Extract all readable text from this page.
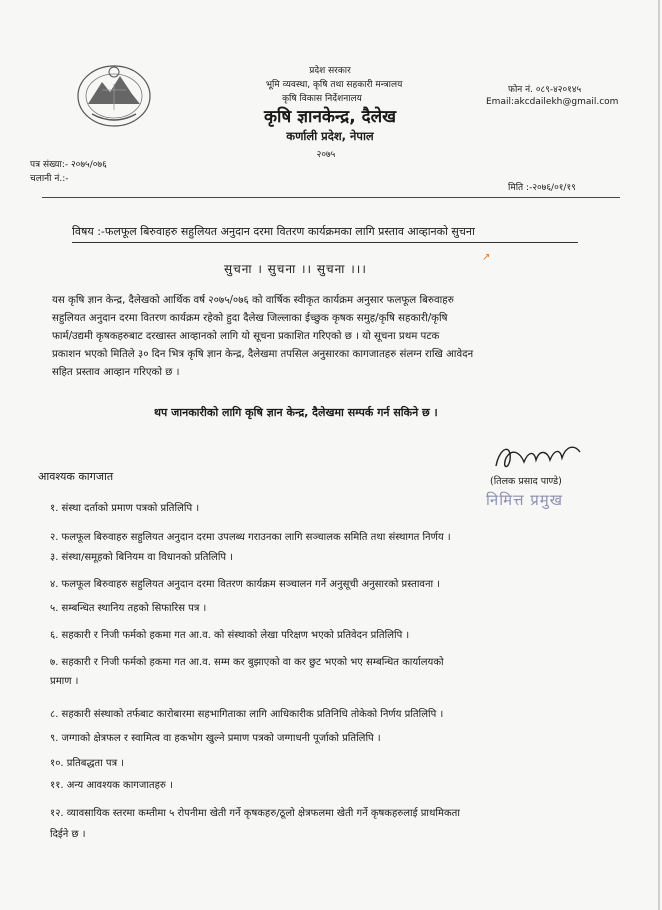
प्रदेश सरकार
भूमि व्यवस्था, कृषि तथा सहकारी मन्त्रालय
कृषि विकास निर्देशनालय
कृषि ज्ञानकेन्द्र, दैलेख
कर्णाली प्रदेश, नेपाल
२०७५
फोन नं. ०८९-४२०१४५
Email:akcdailekh@gmail.com
पत्र संख्या:- २०७५/०७६
चलानी नं.:-
मिति :-२०७६/०१/१९
विषय :-फलफूल बिरुवाहरु सहुलियत अनुदान दरमा वितरण कार्यक्रमका लागि प्रस्ताव आव्हानको सुचना
सुचना । सुचना ।। सुचना ।।।
↗
यस कृषि ज्ञान केन्द्र, दैलेखको आर्थिक वर्ष २०७५/०७६ को वार्षिक स्वीकृत कार्यक्रम अनुसार फलफूल बिरुवाहरु
सहुलियत अनुदान दरमा वितरण कार्यक्रम रहेको हुदा दैलेख जिल्लाका ईच्छुक कृषक समुह/कृषि सहकारी/कृषि
फार्म/उद्यमी कृषकहरुबाट दरखास्त आव्हानको लागि यो सूचना प्रकाशित गरिएको छ । यो सूचना प्रथम पटक
प्रकाशन भएको मितिले ३० दिन भित्र कृषि ज्ञान केन्द्र, दैलेखमा तपसिल अनुसारका कागजातहरु संलग्न राखि आवेदन
सहित प्रस्ताव आव्हान गरिएको छ ।
थप जानकारीको लागि कृषि ज्ञान केन्द्र, दैलेखमा सम्पर्क गर्न सकिने छ ।
(तिलक प्रसाद पाण्डे)
निमित्त प्रमुख
आवश्यक कागजात
१. संस्था दर्ताको प्रमाण पत्रको प्रतिलिपि ।
२. फलफूल बिरुवाहरु सहुलियत अनुदान दरमा उपलब्ध गराउनका लागि सञ्चालक समिति तथा संस्थागत निर्णय ।
३. संस्था/समूहको बिनियम वा विधानको प्रतिलिपि ।
४. फलफूल बिरुवाहरु सहुलियत अनुदान दरमा वितरण कार्यक्रम सञ्चालन गर्ने अनुसूची अनुसारको प्रस्तावना ।
५. सम्बन्धित स्थानिय तहको सिफारिस पत्र ।
६. सहकारी र निजी फर्मको हकमा गत आ.व. को संस्थाको लेखा परिक्षण भएको प्रतिवेदन प्रतिलिपि ।
७. सहकारी र निजी फर्मको हकमा गत आ.व. सम्म कर बुझाएको वा कर छुट भएको भए सम्बन्धित कार्यालयको
प्रमाण ।
८. सहकारी संस्थाको तर्फबाट कारोबारमा सहभागिताका लागि आधिकारीक प्रतिनिधि तोकेको निर्णय प्रतिलिपि ।
९. जग्गाको क्षेत्रफल र स्वामित्व वा हकभोग खुल्ने प्रमाण पत्रको जग्गाधनी पूर्जाको प्रतिलिपि ।
१०. प्रतिबद्धता पत्र ।
११. अन्य आवश्यक कागजातहरु ।
१२. व्यावसायिक स्तरमा कम्तीमा ५ रोपनीमा खेती गर्ने कृषकहरु/ठूलो क्षेत्रफलमा खेती गर्ने कृषकहरुलाई प्राथमिकता
दिईने छ ।
